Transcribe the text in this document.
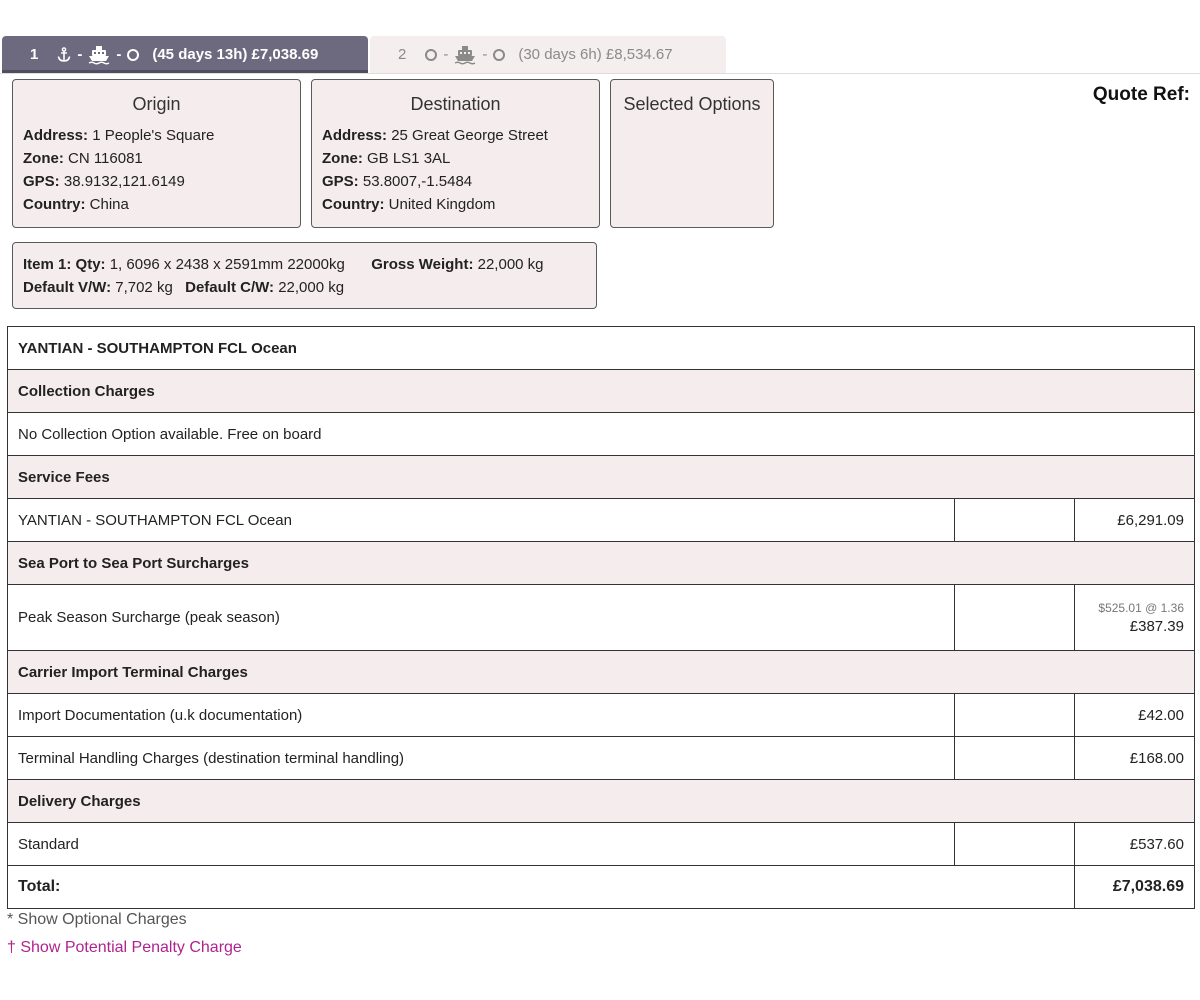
1	- - (45 days 13h) £7,038.69	2 - - (30 days 6h) £8,534.67
Origin
Address: 1 People's Square
Zone: CN 116081
GPS: 38.9132,121.6149
Country: China
Destination
Address: 25 Great George Street
Zone: GB LS1 3AL
GPS: 53.8007,-1.5484
Country: United Kingdom
Selected Options	Quote Ref:
Item 1: Qty: 1, 6096 x 2438 x 2591mm 22000kg Gross Weight: 22,000 kg
Default V/W: 7,702 kg Default C/W: 22,000 kg
YANTIAN - SOUTHAMPTON FCL Ocean		
Collection Charges		
No Collection Option available. Free on board		
Service Fees		
YANTIAN - SOUTHAMPTON FCL Ocean		£6,291.09
Sea Port to Sea Port Surcharges		
Peak Season Surcharge (peak season)		$525.01 @ 1.36
£387.39

Carrier Import Terminal Charges		
Import Documentation (u.k documentation)		£42.00
Terminal Handling Charges (destination terminal handling)		£168.00
Delivery Charges		
Standard		£537.60
Total:		£7,038.69
* Show Optional Charges
† Show Potential Penalty Charge
